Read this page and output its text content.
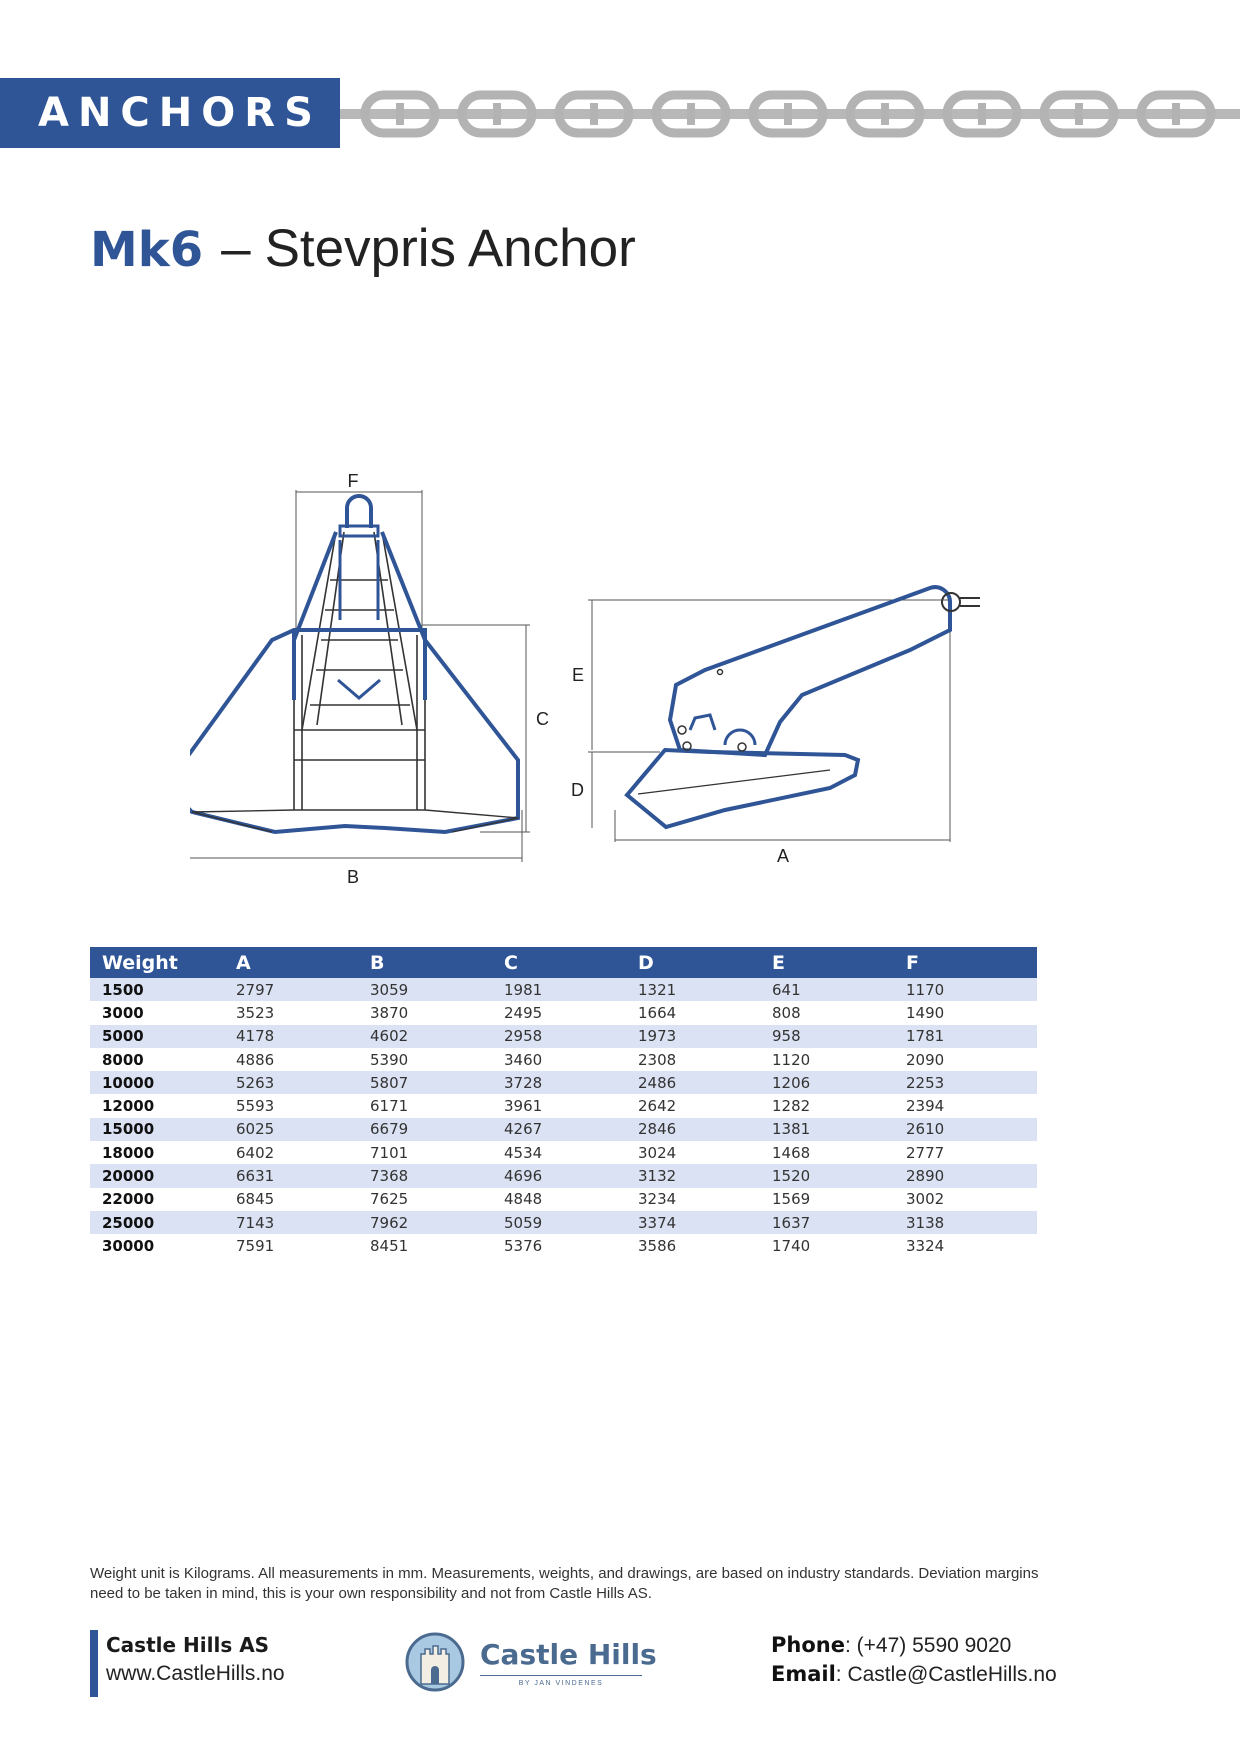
ANCHORS
Mk6 – Stevpris Anchor
F
C
B
E
D
A
Weight	A	B	C	D	E	F
1500	2797	3059	1981	1321	641	1170
3000	3523	3870	2495	1664	808	1490
5000	4178	4602	2958	1973	958	1781
8000	4886	5390	3460	2308	1120	2090
10000	5263	5807	3728	2486	1206	2253
12000	5593	6171	3961	2642	1282	2394
15000	6025	6679	4267	2846	1381	2610
18000	6402	7101	4534	3024	1468	2777
20000	6631	7368	4696	3132	1520	2890
22000	6845	7625	4848	3234	1569	3002
25000	7143	7962	5059	3374	1637	3138
30000	7591	8451	5376	3586	1740	3324
Weight unit is Kilograms. All measurements in mm. Measurements, weights, and drawings, are based on industry standards. Deviation margins
need to be taken in mind, this is your own responsibility and not from Castle Hills AS.
Castle Hills AS
www.CastleHills.no
Castle Hills
BY JAN VINDENES
Phone: (+47) 5590 9020
Email: Castle@CastleHills.no
